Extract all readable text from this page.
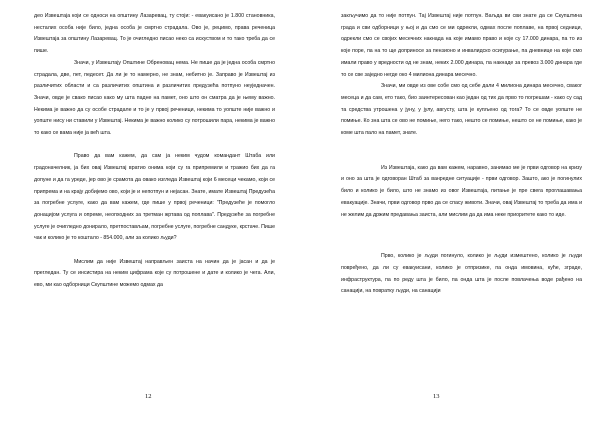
део Извештаја који се односи на општину Лазаревац, ту стоји: - евакуисано је 1.800 становника, несталих особа није било, једна особа је смртно страдала. Ово је, рецимо, права реченица Извештаја за општину Лазаревац. То је очигледно писао неко са искуством и то тако треба да се пише.

Значи, у Извештају Општине Обреновац нема. Не пише да је једна особа смртно страдала, две, пет, педесет. Да ли је то намерно, не знам, небитно је. Заправо је Извештај из различитих области и са различитих општина и различитих предузећа потпуно неуједначен. Значи, овде је свако писао како му шта падне на памет, оно што он сматра да је њему важно. Некима је важно да су особе страдале и то је у првој реченици, некима то уопште није важно и уопште нису ни ставили у Извештај. Некима је важно колико су потрошили пара, некима је важно то како се вама није ја већ шта.

Право да вам кажем, да сам ја неким чудом командант Штаба или градоначелник, ја бих овај Извештај вратио онима који су га припремили и тражио бих да га допуне и да га уреде, јер ово је срамота да овако изгледа Извештај који 6 месеци чекамо, који се припрема и на крају добијемо ово, који је и непотпун и нејасан. Знате, имате Извештај Предузећа за погребне услуге, како да вам кажем, где пише у првој реченици: "Предузеће је помогло донацијом услуга и опреме, неопходних за третман жртава од поплава". Предузеће за погребне услуге је очигледно донирало, претпостављам, погребне услуге, погребне сандуке, крстаче. Пише чак и колико је то коштало - 854.000, али за колико људи?

Мислим да није Извештај направљен заиста на начин да је јасан и да је прегледан. Ту се инсистира на неким цифрама које су потрошене и дате и колико је чега. Али, ево, ми као одборници Скупштине можемо одмах да

12

закључимо да то није потпун. Тај Извештај није потпун. Ваљда ви сви знате да се Скупштина града и сви одборници у њој и да смо се ми одрекли, одмах после поплаве, на првој седници, одрекли смо се својих месечних накнада на које имамо право и које су 17.000 динара, па то из које поре, па на то ще доприносе за пензионо и инвалидско осигурање, па дневнице на које смо имали право у вредности од не знам, неких 2.000 динара, па накнаде за превоз 3.000 динара где то се све заједно негде око 4 милиона динара месечно.

Значи, ми овде из ове собе смо од себе дали 4 милиона динара месечно, сваког месеца и да сам, ето тако, био заинтересован као један од тих да прво то погрешам - како су сад та средства утрошена у јуну, у јулу, августу, шта је купљено од тога? То се овде уопште не помиње. Ко зна шта се ово не помиње, него тако, нешто се помиње, нешто се не помиње, како је коме шта пало на памет, знате.

Из Извештаја, како да вам кажем, наравно, занимао ме је први одговор на кризу и оно за шта је одговоран Штаб за ванредне ситуације - први одговор. Зашто, ако је погинулих било и колико је било, што не знамо из овог Извештаја, питање је пре свега проглашавања евакуације. Значи, први одговор прво да се спасу животи. Значи, овај Извештај то треба да има и не желим да држим предавања заиста, али мислим да да има неке приоритете како то иде.

Прво, колико је људи погинуло, колико је људи измештено, колико је људи повређено, да ли су евакуисани, колико је отпризике, па онда имовина, куће, зграде, инфраструктура, па по реду шта је било, па онда шта је после повлачења воде рађено на санацији, на повратку људи, на санацији

13
